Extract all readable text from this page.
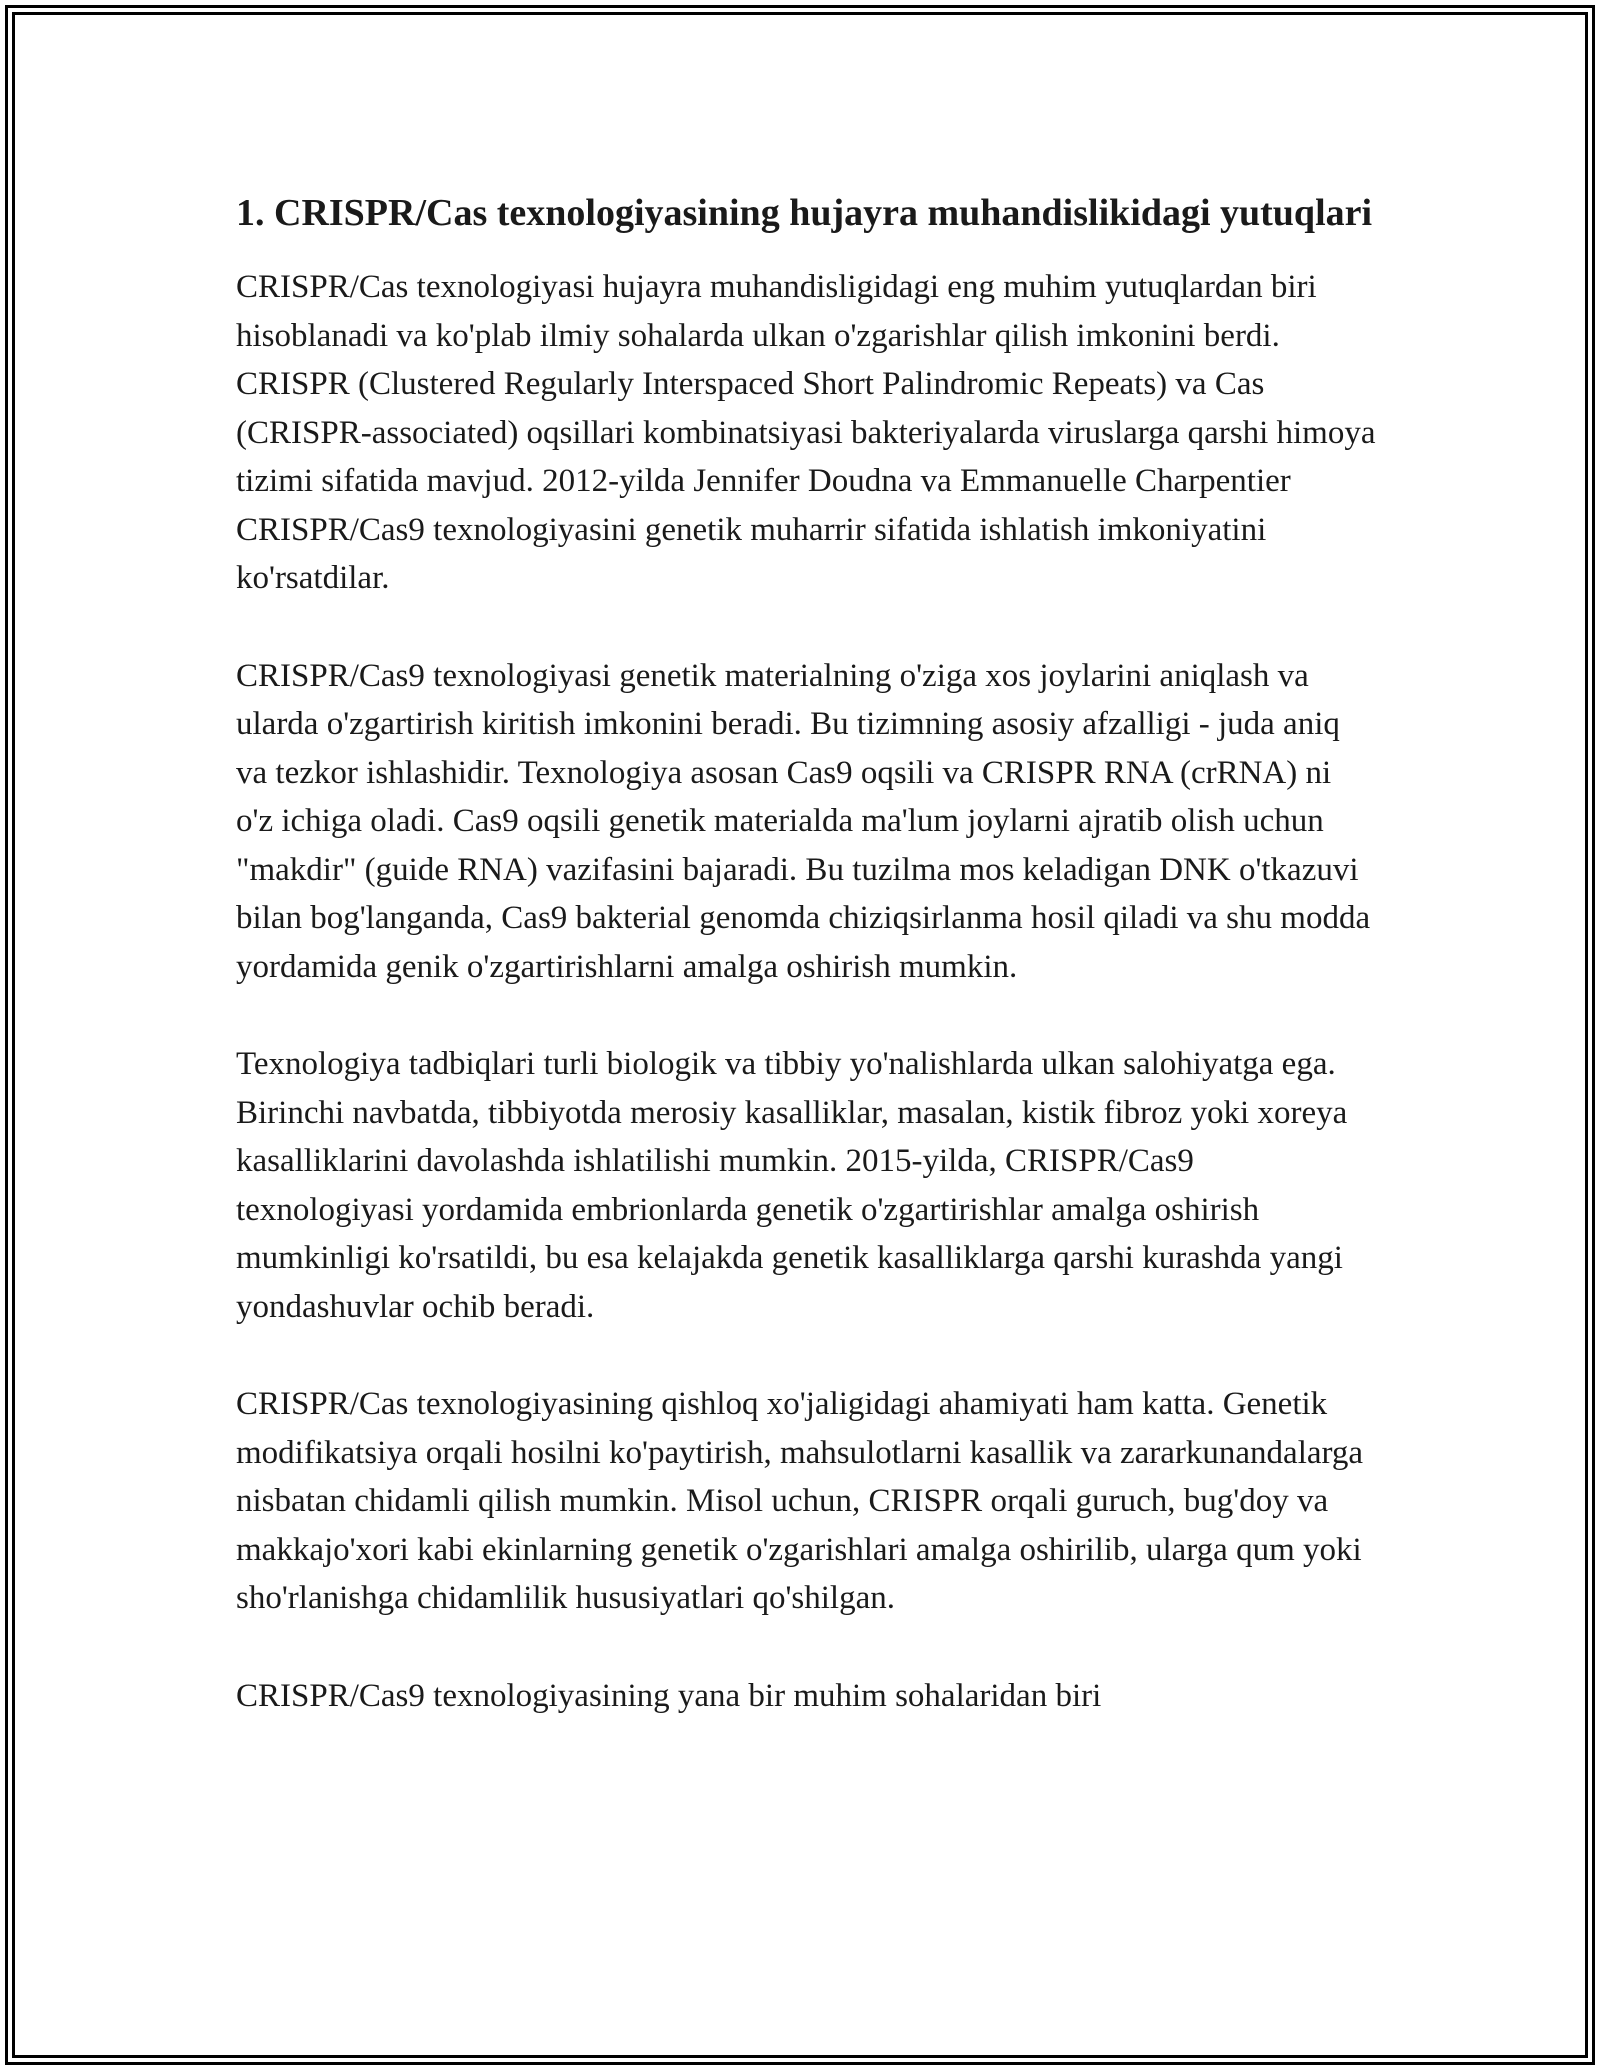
1. CRISPR/Cas texnologiyasining hujayra muhandislikidagi yutuqlari

CRISPR/Cas texnologiyasi hujayra muhandisligidagi eng muhim yutuqlardan biri hisoblanadi va ko'plab ilmiy sohalarda ulkan o'zgarishlar qilish imkonini berdi. CRISPR (Clustered Regularly Interspaced Short Palindromic Repeats) va Cas (CRISPR-associated) oqsillari kombinatsiyasi bakteriyalarda viruslarga qarshi himoya tizimi sifatida mavjud. 2012-yilda Jennifer Doudna va Emmanuelle Charpentier CRISPR/Cas9 texnologiyasini genetik muharrir sifatida ishlatish imkoniyatini ko'rsatdilar.

CRISPR/Cas9 texnologiyasi genetik materialning o'ziga xos joylarini aniqlash va ularda o'zgartirish kiritish imkonini beradi. Bu tizimning asosiy afzalligi - juda aniq va tezkor ishlashidir. Texnologiya asosan Cas9 oqsili va CRISPR RNA (crRNA) ni o'z ichiga oladi. Cas9 oqsili genetik materialda ma'lum joylarni ajratib olish uchun "makdir" (guide RNA) vazifasini bajaradi. Bu tuzilma mos keladigan DNK o'tkazuvi bilan bog'langanda, Cas9 bakterial genomda chiziqsirlanma hosil qiladi va shu modda yordamida genik o'zgartirishlarni amalga oshirish mumkin.

Texnologiya tadbiqlari turli biologik va tibbiy yo'nalishlarda ulkan salohiyatga ega. Birinchi navbatda, tibbiyotda merosiy kasalliklar, masalan, kistik fibroz yoki xoreya kasalliklarini davolashda ishlatilishi mumkin. 2015-yilda, CRISPR/Cas9 texnologiyasi yordamida embrionlarda genetik o'zgartirishlar amalga oshirish mumkinligi ko'rsatildi, bu esa kelajakda genetik kasalliklarga qarshi kurashda yangi yondashuvlar ochib beradi.

CRISPR/Cas texnologiyasining qishloq xo'jaligidagi ahamiyati ham katta. Genetik modifikatsiya orqali hosilni ko'paytirish, mahsulotlarni kasallik va zararkunandalarga nisbatan chidamli qilish mumkin. Misol uchun, CRISPR orqali guruch, bug'doy va makkajo'xori kabi ekinlarning genetik o'zgarishlari amalga oshirilib, ularga qum yoki sho'rlanishga chidamlilik hususiyatlari qo'shilgan.

CRISPR/Cas9 texnologiyasining yana bir muhim sohalaridan biri
